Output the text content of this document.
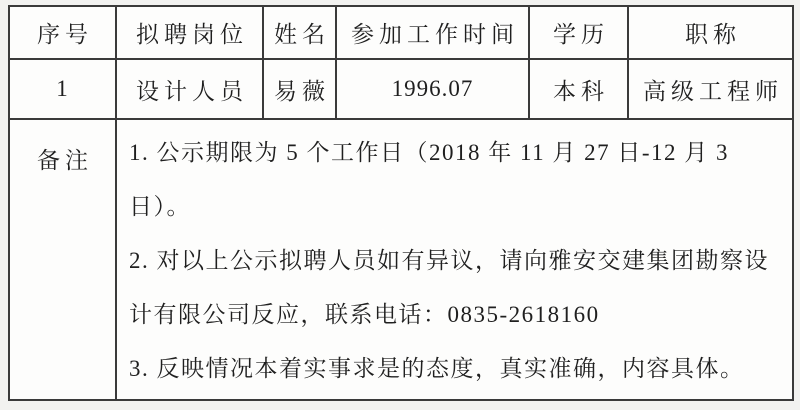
序号	拟聘岗位	姓名	参加工作时间	学历	职称
1	设计人员	易薇	1996.07	本科	高级工程师
备注	1. 公示期限为 5 个工作日（2018 年 11 月 27 日-12 月 3 日）。

2. 对以上公示拟聘人员如有异议，请向雅安交建集团勘察设计有限公司反应，联系电话：0835-2618160

3. 反映情况本着实事求是的态度，真实准确，内容具体。				
